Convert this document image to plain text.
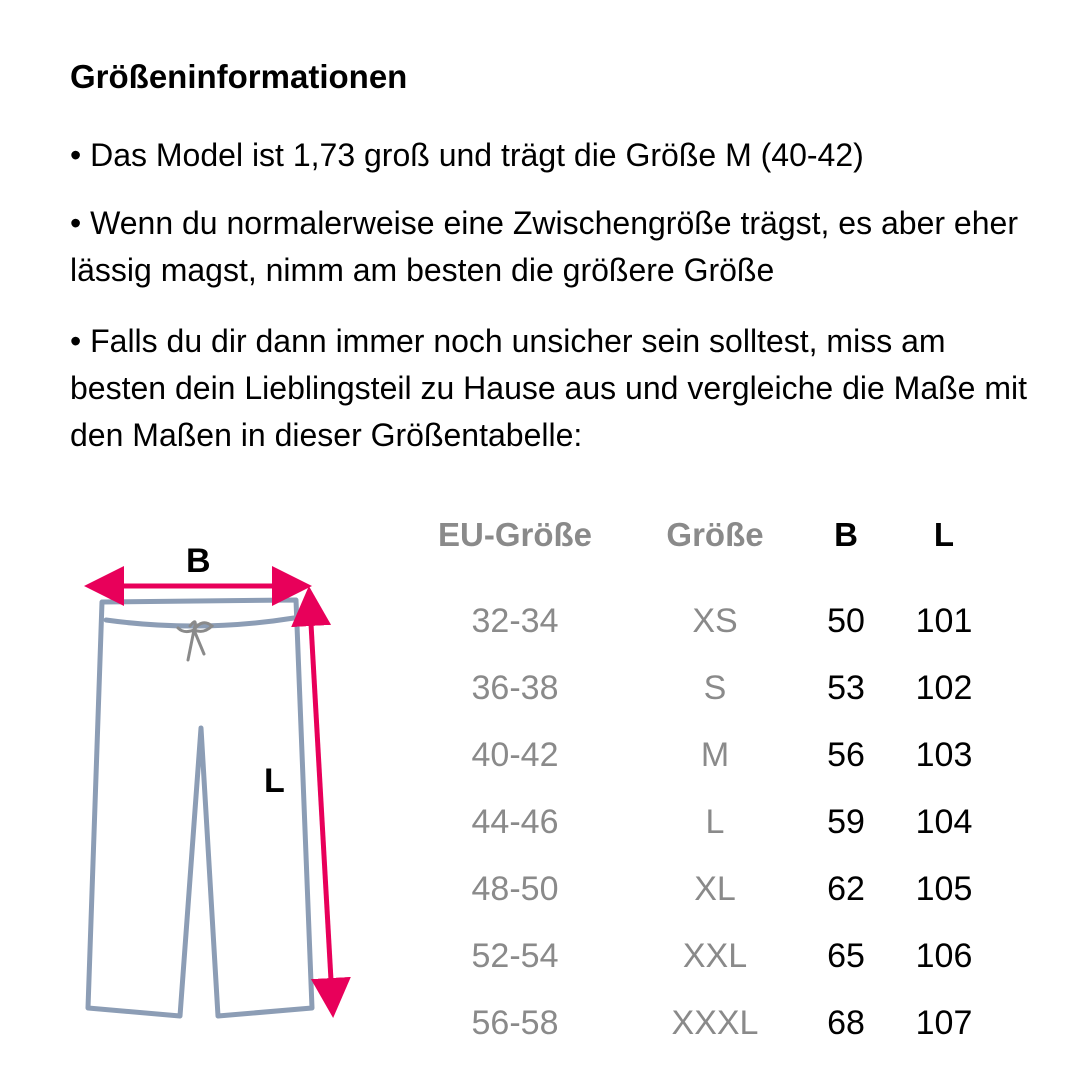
Größeninformationen

• Das Model ist 1,73 groß und trägt die Größe M (40-42)

• Wenn du normalerweise eine Zwischengröße trägst, es aber eher lässig magst, nimm am besten die größere Größe

• Falls du dir dann immer noch unsicher sein solltest, miss am besten dein Lieblingsteil zu Hause aus und vergleiche die Maße mit den Maßen in dieser Größentabelle:

B
L
EU-Größe Größe B L
32-34	XS	50 101
36-38	S	53 102
40-42	M	56 103
44-46	L	59 104
48-50	XL	62 105
52-54	XXL 65 106
56-58	XXXL 68 107
